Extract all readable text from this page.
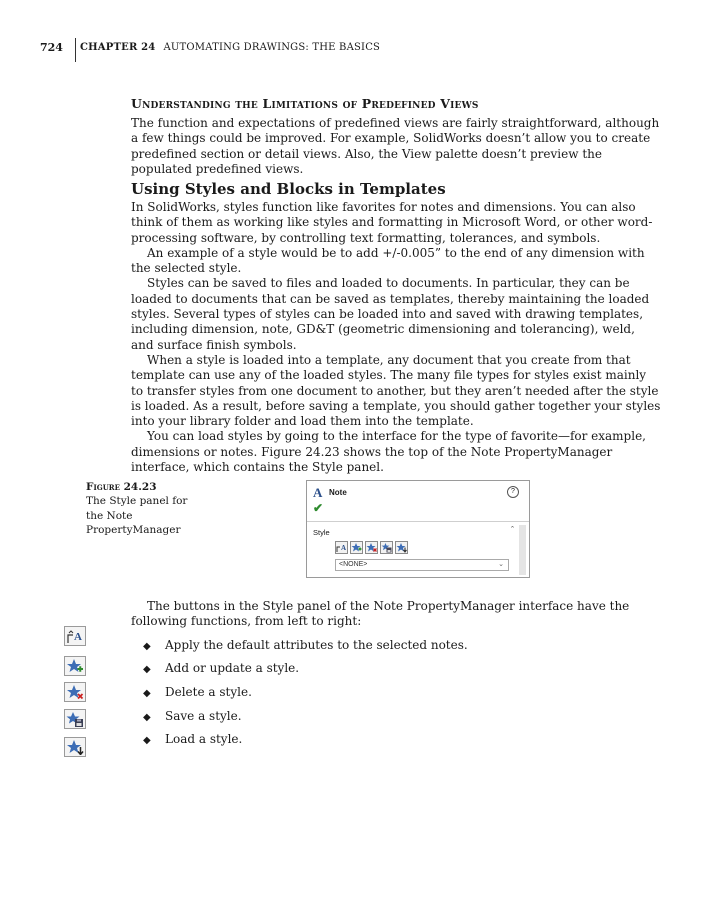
724 CHAPTER 24 AUTOMATING DRAWINGS: THE BASICS
Understanding the Limitations of Predefined Views

The function and expectations of predefined views are fairly straightforward, although a few things could be improved. For example, SolidWorks doesn’t allow you to create predefined section or detail views. Also, the View palette doesn’t preview the populated predefined views.

Using Styles and Blocks in Templates

In SolidWorks, styles function like favorites for notes and dimensions. You can also think of them as working like styles and formatting in Microsoft Word, or other word-processing software, by controlling text formatting, tolerances, and symbols.

An example of a style would be to add +/-0.005” to the end of any dimension with the selected style.

Styles can be saved to files and loaded to documents. In particular, they can be loaded to documents that can be saved as templates, thereby maintaining the loaded styles. Several types of styles can be loaded into and saved with drawing templates, including dimension, note, GD&T (geometric dimensioning and tolerancing), weld, and surface finish symbols.

When a style is loaded into a template, any document that you create from that template can use any of the loaded styles. The many file types for styles exist mainly to transfer styles from one document to another, but they aren’t needed after the style is loaded. As a result, before saving a template, you should gather together your styles into your library folder and load them into the template.

You can load styles by going to the interface for the type of favorite—for example, dimensions or notes. Figure 24.23 shows the top of the Note PropertyManager interface, which contains the Style panel.

Figure 24.23
The Style panel for the Note PropertyManager
A Note	?
✔
Style	ˆ
A
<NONE>	⌄

The buttons in the Style panel of the Note PropertyManager interface have the following functions, from left to right:

A
◆ Apply the default attributes to the selected notes.
◆ Add or update a style.
◆ Delete a style.
◆ Save a style.
◆ Load a style.
